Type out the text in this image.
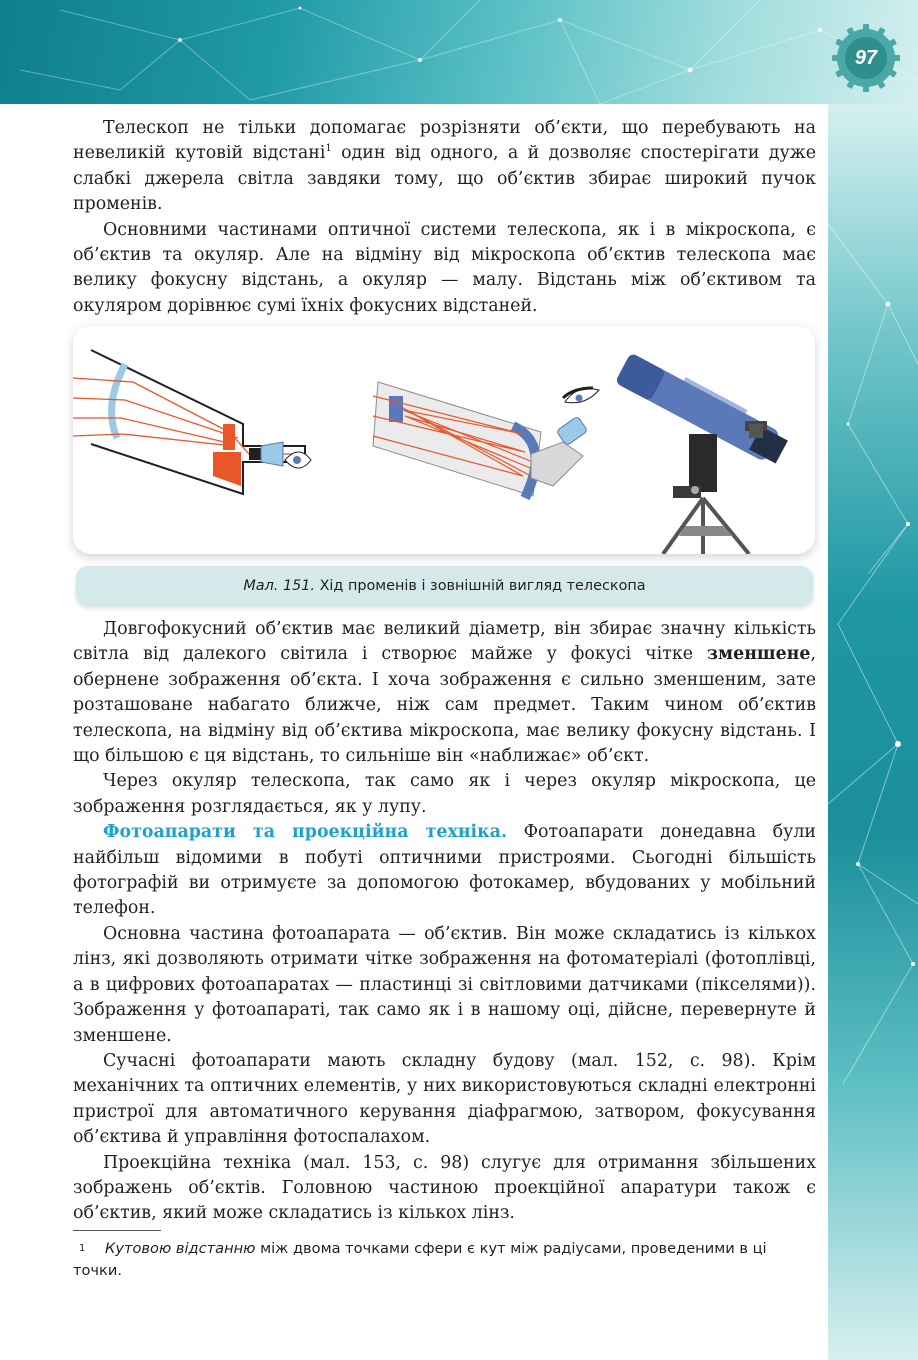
97

Телескоп не тільки допомагає розрізняти об’єкти, що перебувають на невеликій кутовій відстані$^1$ один від одного, а й дозволяє спостерігати дуже слабкі джерела світла завдяки тому, що об’єктив збирає широкий пучок променів.

Основними частинами оптичної системи телескопа, як і в мікроскопа, є об’єктив та окуляр. Але на відміну від мікроскопа об’єктив телескопа має велику фокусну відстань, а окуляр — малу. Відстань між об’єктивом та окуляром дорівнює сумі їхніх фокусних відстаней.

Мал. 151. Хід променів і зовнішній вигляд телескопа

Довгофокусний об’єктив має великий діаметр, він збирає значну кількість світла від далекого світила і створює майже у фокусі чітке зменшене, обернене зображення об’єкта. І хоча зображення є сильно зменшеним, зате розташоване набагато ближче, ніж сам предмет. Таким чином об’єктив телескопа, на відміну від об’єктива мікроскопа, має велику фокусну відстань. І що більшою є ця відстань, то сильніше він «наближає» об’єкт.

Через окуляр телескопа, так само як і через окуляр мікроскопа, це зображення розглядається, як у лупу.

Фотоапарати та проекційна техніка. Фотоапарати донедавна були найбільш відомими в побуті оптичними пристроями. Сьогодні більшість фотографій ви отримуєте за допомогою фотокамер, вбудованих у мобільний телефон.

Основна частина фотоапарата — об’єктив. Він може складатись із кількох лінз, які дозволяють отримати чітке зображення на фотоматеріалі (фотоплівці, а в цифрових фотоапаратах — пластинці зі світловими датчиками (пікселями)). Зображення у фотоапараті, так само як і в нашому оці, дійсне, перевернуте й зменшене.

Сучасні фотоапарати мають складну будову (мал. 152, с. 98). Крім механічних та оптичних елементів, у них використовуються складні електронні пристрої для автоматичного керування діафрагмою, затвором, фокусування об’єктива й управління фотоспалахом.

Проекційна техніка (мал. 153, с. 98) слугує для отримання збільшених зображень об’єктів. Головною частиною проекційної апаратури також є об’єктив, який може складатись із кількох лінз.

1 Кутовою відстанню між двома точками сфери є кут між радіусами, проведеними в ці точки.
